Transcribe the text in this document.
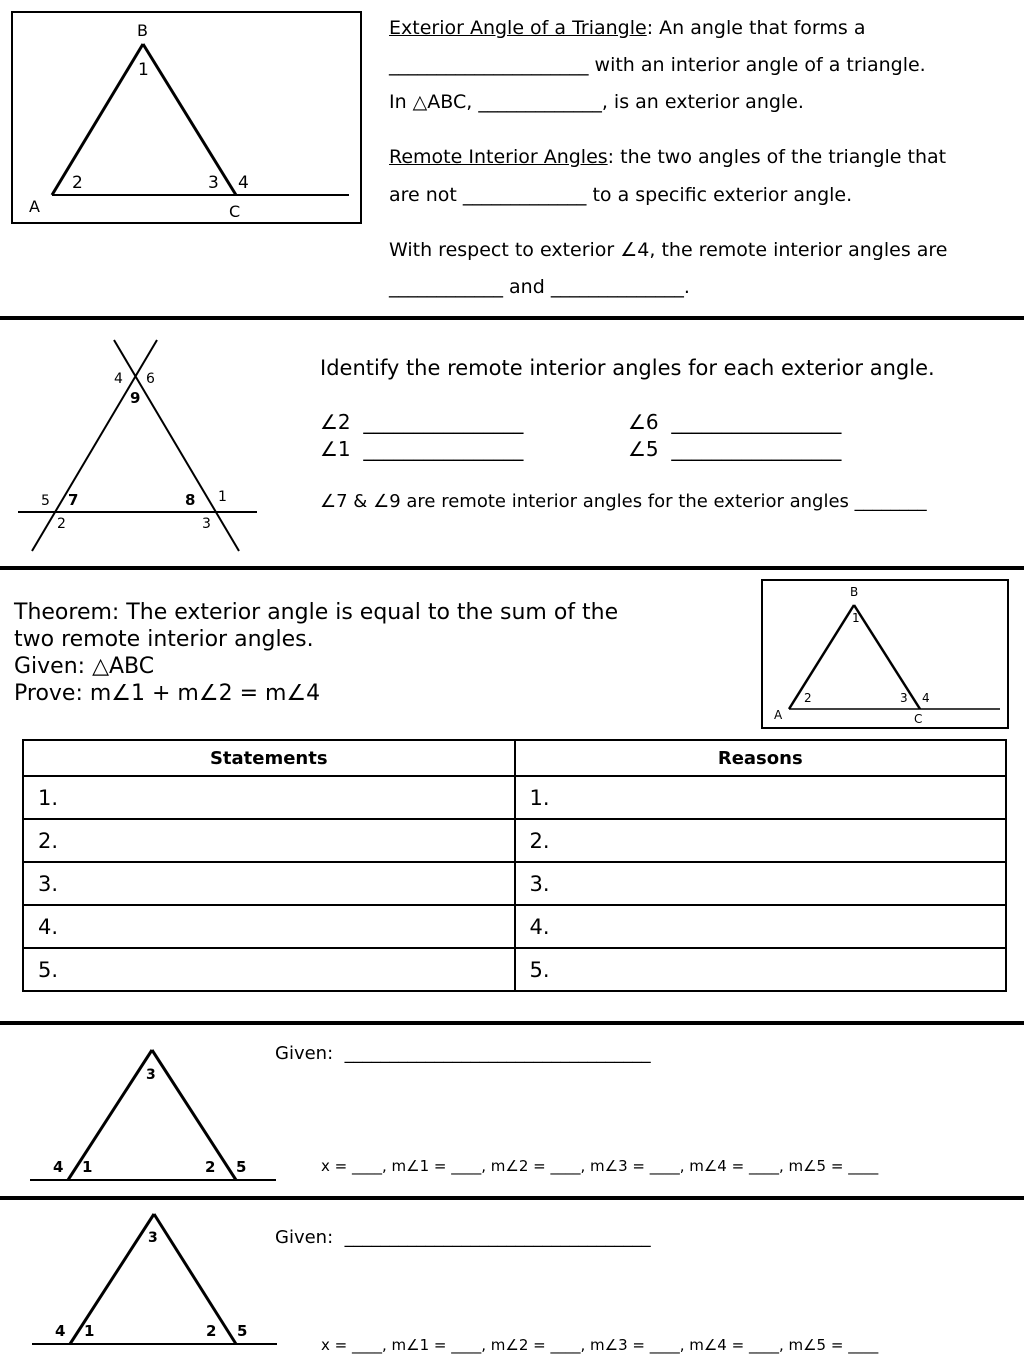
B
1
2	3 4
A	C
Exterior Angle of a Triangle: An angle that forms a
_____________________ with an interior angle of a triangle.
In △ABC, _____________, is an exterior angle.
Remote Interior Angles: the two angles of the triangle that
are not _____________ to a specific exterior angle.
With respect to exterior ∠4, the remote interior angles are
____________ and ______________.
4 6
9
5 7	8 1
2	3
Identify the remote interior angles for each exterior angle.
∠2 ________________	∠6 _________________
∠1 ________________	∠5 _________________
∠7 & ∠9 are remote interior angles for the exterior angles ________
Theorem: The exterior angle is equal to the sum of the
two remote interior angles.
Given: △ABC
Prove: m∠1 + m∠2 = m∠4
B
1
2	3 4
A	C
Statements	Reasons
1.	1.
2.	2.
3.	3.
4.	4.
5.	5.
3
4 1	2 5
Given: __________________________________
x = ____, m∠1 = ____, m∠2 = ____, m∠3 = ____, m∠4 = ____, m∠5 = ____
3
4 1	2 5
Given: __________________________________
x = ____, m∠1 = ____, m∠2 = ____, m∠3 = ____, m∠4 = ____, m∠5 = ____
